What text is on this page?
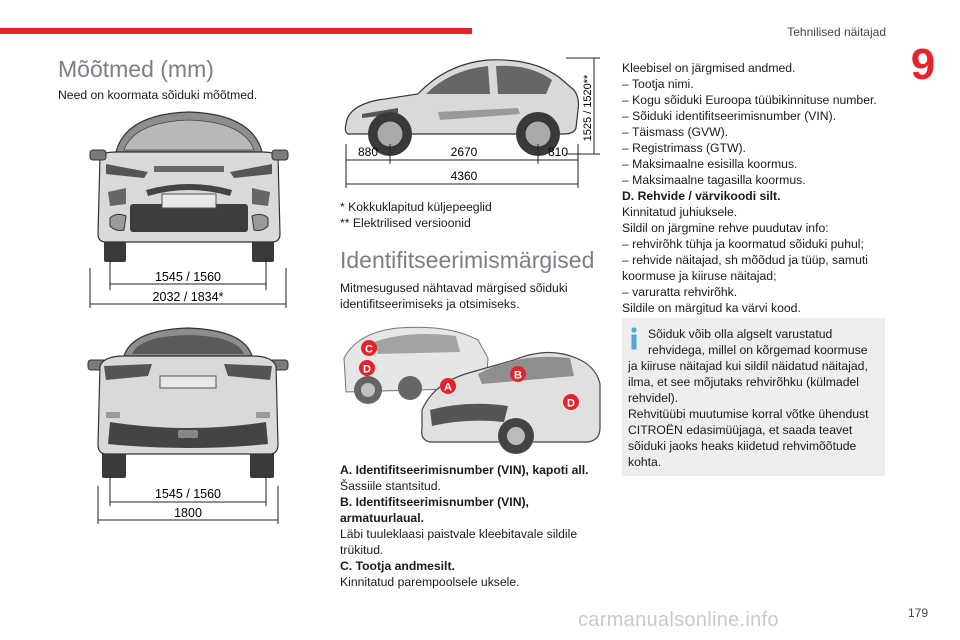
Tehnilised näitajad
9
Mõõtmed (mm)
Need on koormata sõiduki mõõtmed.
1545 / 1560
2032 / 1834*
1545 / 1560
1800
880	2670	810
4360
1525 / 1520**
* Kokkuklapitud küljepeeglid
** Elektrilised versioonid
Identifitseerimismärgised
Mitmesugused nähtavad märgised sõiduki
identifitseerimiseks ja otsimiseks.
C
D
A
B
D
A. Identifitseerimisnumber (VIN), kapoti all.
Šassiile stantsitud.
B. Identifitseerimisnumber (VIN),
armatuurlaual.
Läbi tuuleklaasi paistvale kleebitavale sildile
trükitud.
C. Tootja andmesilt.
Kinnitatud parempoolsele uksele.
Kleebisel on järgmised andmed.
– Tootja nimi.
– Kogu sõiduki Euroopa tüübikinnituse number.
– Sõiduki identifitseerimisnumber (VIN).
– Täismass (GVW).
– Registrimass (GTW).
– Maksimaalne esisilla koormus.
– Maksimaalne tagasilla koormus.
D. Rehvide / värvikoodi silt.
Kinnitatud juhiuksele.
Sildil on järgmine rehve puudutav info:
– rehvirõhk tühja ja koormatud sõiduki puhul;
– rehvide näitajad, sh mõõdud ja tüüp, samuti
koormuse ja kiiruse näitajad;
– varuratta rehvirõhk.
Sildile on märgitud ka värvi kood.
Sõiduk võib olla algselt varustatud
rehvidega, millel on kõrgemad koormuse
ja kiiruse näitajad kui sildil näidatud näitajad,
ilma, et see mõjutaks rehvirõhku (külmadel
rehvidel).
Rehvitüübi muutumise korral võtke ühendust
CITROËN edasimüüjaga, et saada teavet
sõiduki jaoks heaks kiidetud rehvimõõtude
kohta.
carmanualsonline.info	179
